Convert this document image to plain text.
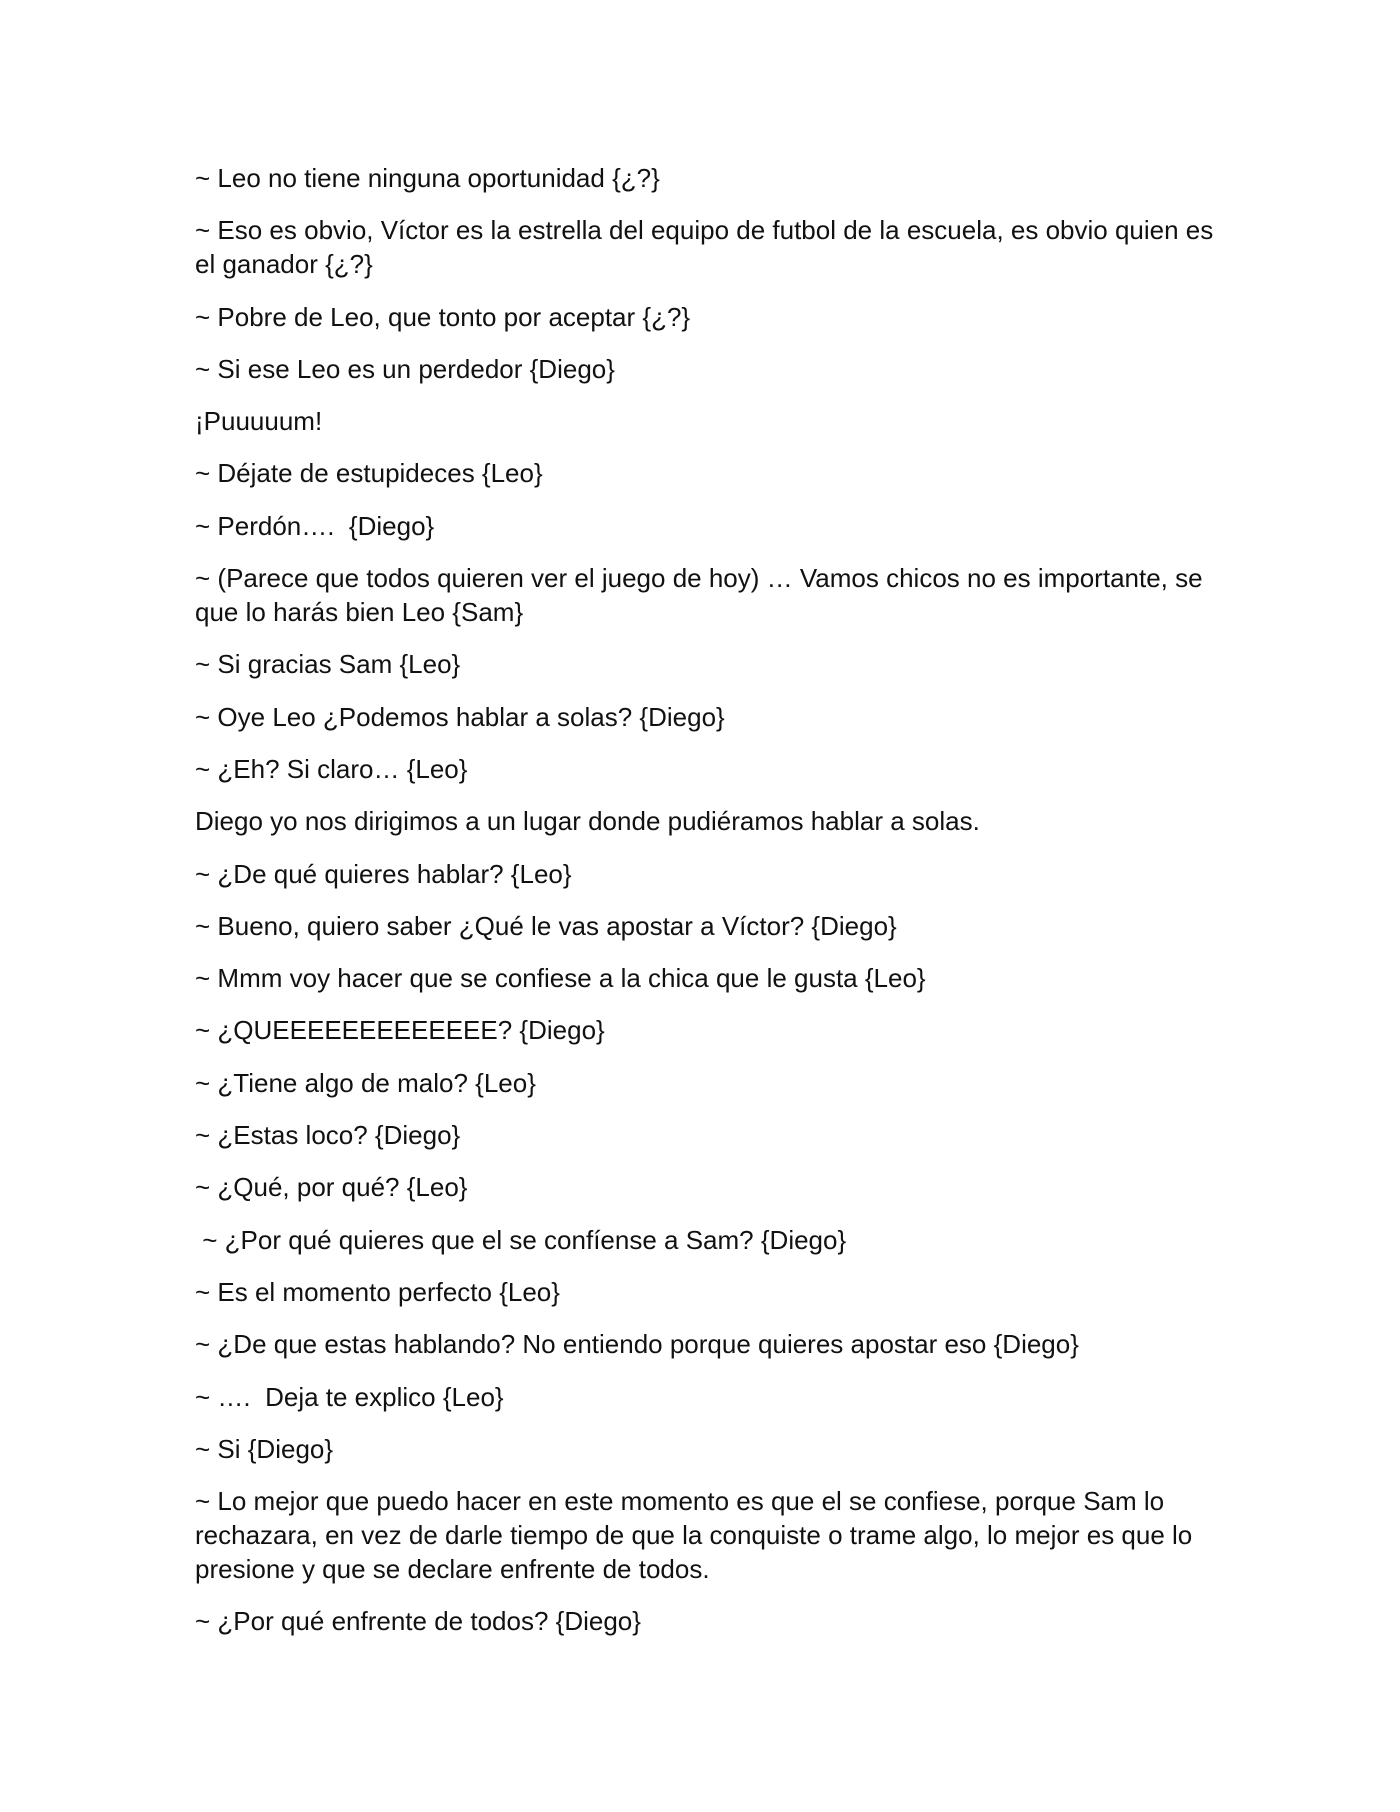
~ Leo no tiene ninguna oportunidad {¿?}

~ Eso es obvio, Víctor es la estrella del equipo de futbol de la escuela, es obvio quien es el ganador {¿?}

~ Pobre de Leo, que tonto por aceptar {¿?}

~ Si ese Leo es un perdedor {Diego}

¡Puuuuum!

~ Déjate de estupideces {Leo}

~ Perdón….  {Diego}

~ (Parece que todos quieren ver el juego de hoy) … Vamos chicos no es importante, se que lo harás bien Leo {Sam}

~ Si gracias Sam {Leo}

~ Oye Leo ¿Podemos hablar a solas? {Diego}

~ ¿Eh? Si claro… {Leo}

Diego yo nos dirigimos a un lugar donde pudiéramos hablar a solas.

~ ¿De qué quieres hablar? {Leo}

~ Bueno, quiero saber ¿Qué le vas apostar a Víctor? {Diego}

~ Mmm voy hacer que se confiese a la chica que le gusta {Leo}

~ ¿QUEEEEEEEEEEEEE? {Diego}

~ ¿Tiene algo de malo? {Leo}

~ ¿Estas loco? {Diego}

~ ¿Qué, por qué? {Leo}

~ ¿Por qué quieres que el se confíense a Sam? {Diego}

~ Es el momento perfecto {Leo}

~ ¿De que estas hablando? No entiendo porque quieres apostar eso {Diego}

~ ….  Deja te explico {Leo}

~ Si {Diego}

~ Lo mejor que puedo hacer en este momento es que el se confiese, porque Sam lo rechazara, en vez de darle tiempo de que la conquiste o trame algo, lo mejor es que lo presione y que se declare enfrente de todos.

~ ¿Por qué enfrente de todos? {Diego}
